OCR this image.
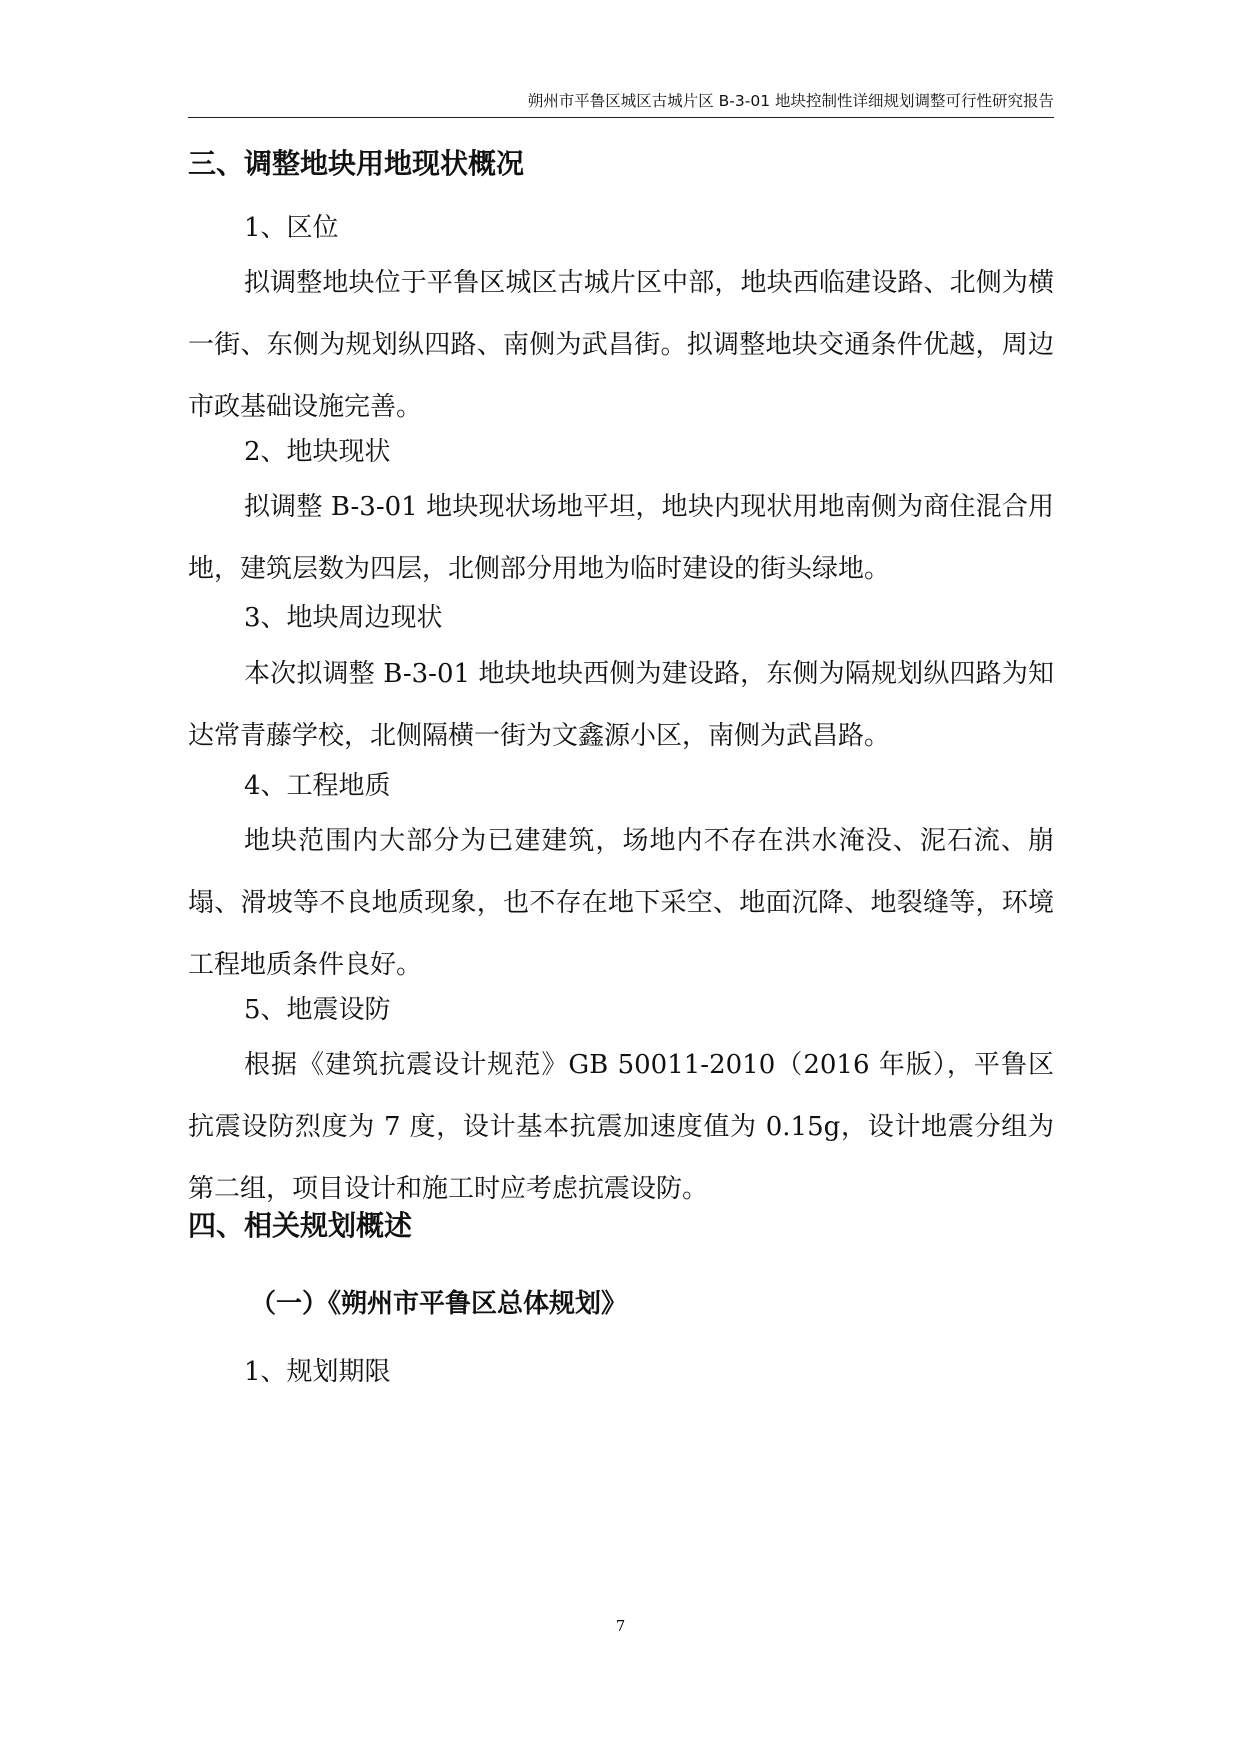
朔州市平鲁区城区古城片区 B-3-01 地块控制性详细规划调整可行性研究报告
三、调整地块用地现状概况
1、区位
拟调整地块位于平鲁区城区古城片区中部，地块西临建设路、北侧为横一街、东侧为规划纵四路、南侧为武昌街。拟调整地块交通条件优越，周边市政基础设施完善。
2、地块现状
拟调整 B-3-01 地块现状场地平坦，地块内现状用地南侧为商住混合用地，建筑层数为四层，北侧部分用地为临时建设的街头绿地。
3、地块周边现状
本次拟调整 B-3-01 地块地块西侧为建设路，东侧为隔规划纵四路为知达常青藤学校，北侧隔横一街为文鑫源小区，南侧为武昌路。
4、工程地质
地块范围内大部分为已建建筑，场地内不存在洪水淹没、泥石流、崩塌、滑坡等不良地质现象，也不存在地下采空、地面沉降、地裂缝等，环境工程地质条件良好。
5、地震设防
根据《建筑抗震设计规范》GB 50011-2010（2016 年版），平鲁区抗震设防烈度为 7 度，设计基本抗震加速度值为 0.15g，设计地震分组为第二组，项目设计和施工时应考虑抗震设防。
四、相关规划概述
（一）《朔州市平鲁区总体规划》
1、规划期限
7
